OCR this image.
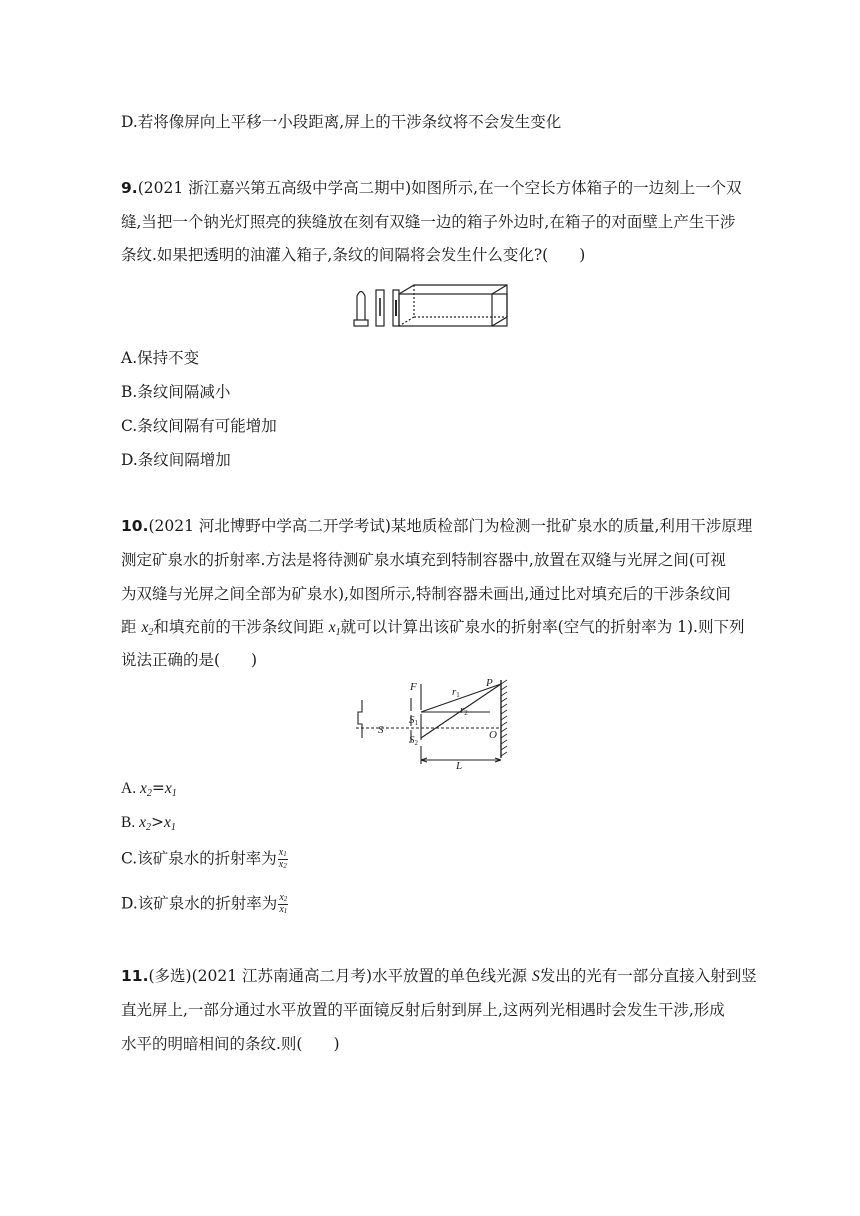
D.若将像屏向上平移一小段距离,屏上的干涉条纹将不会发生变化
9.(2021 浙江嘉兴第五高级中学高二期中)如图所示,在一个空长方体箱子的一边刻上一个双
缝,当把一个钠光灯照亮的狭缝放在刻有双缝一边的箱子外边时,在箱子的对面壁上产生干涉
条纹.如果把透明的油灌入箱子,条纹的间隔将会发生什么变化?(　　)
A.保持不变
B.条纹间隔减小
C.条纹间隔有可能增加
D.条纹间隔增加
10.(2021 河北博野中学高二开学考试)某地质检部门为检测一批矿泉水的质量,利用干涉原理
测定矿泉水的折射率.方法是将待测矿泉水填充到特制容器中,放置在双缝与光屏之间(可视
为双缝与光屏之间全部为矿泉水),如图所示,特制容器未画出,通过比对填充后的干涉条纹间
距 $x_2$和填充前的干涉条纹间距 $x_1$就可以计算出该矿泉水的折射率(空气的折射率为 1).则下列
说法正确的是(　　)
F	P
S
S1
S2
O
L
r1
r2
A. $x_2=x_1$
B. $x_2>x_1$
C.该矿泉水的折射率为 $\frac{x_1}{x_2}$
D.该矿泉水的折射率为 $\frac{x_2}{x_1}$
11.(多选)(2021 江苏南通高二月考)水平放置的单色线光源 S发出的光有一部分直接入射到竖
直光屏上,一部分通过水平放置的平面镜反射后射到屏上,这两列光相遇时会发生干涉,形成
水平的明暗相间的条纹.则(　　)
